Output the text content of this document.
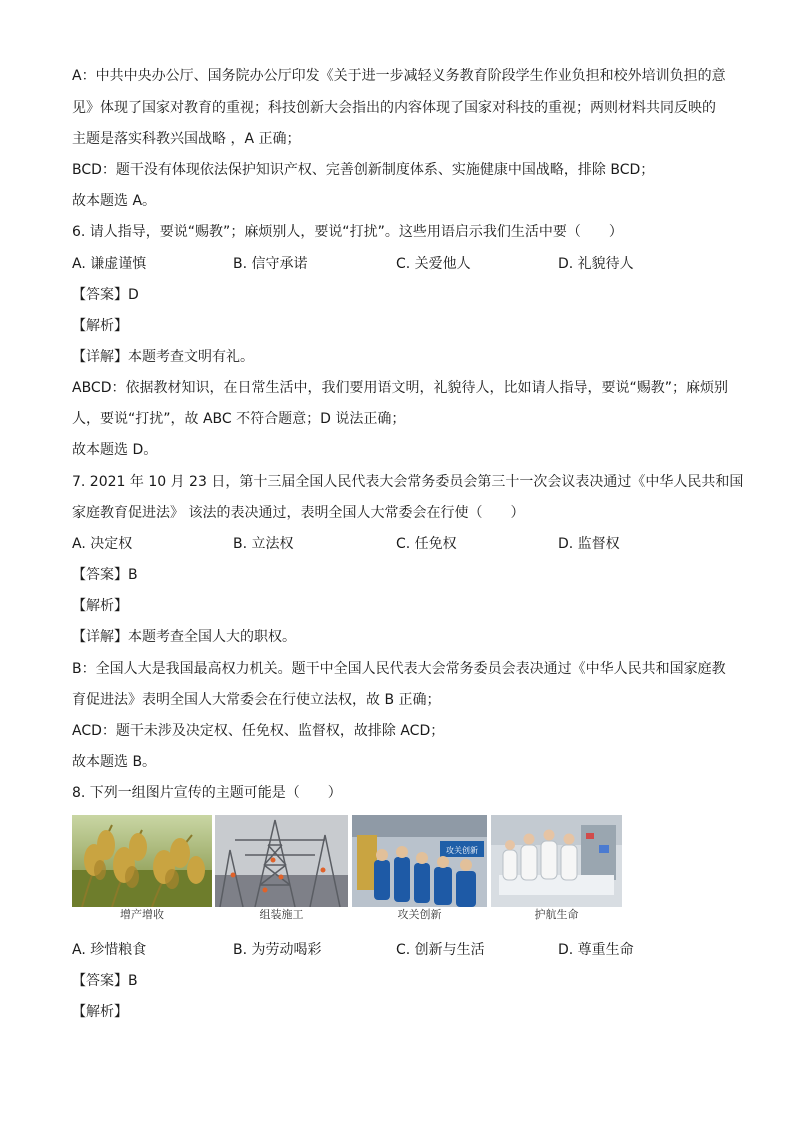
A：中共中央办公厅、国务院办公厅印发《关于进一步减轻义务教育阶段学生作业负担和校外培训负担的意
见》体现了国家对教育的重视；科技创新大会指出的内容体现了国家对科技的重视；两则材料共同反映的
主题是落实科教兴国战略 ，A 正确；
BCD：题干没有体现依法保护知识产权、完善创新制度体系、实施健康中国战略，排除 BCD；
故本题选 A。
6. 请人指导，要说“赐教”；麻烦别人，要说“打扰”。这些用语启示我们生活中要（　　）
A. 谦虚谨慎	B. 信守承诺	C. 关爱他人	D. 礼貌待人
【答案】D
【解析】
【详解】本题考查文明有礼。
ABCD：依据教材知识，在日常生活中，我们要用语文明，礼貌待人，比如请人指导，要说“赐教”；麻烦别
人，要说“打扰”，故 ABC 不符合题意；D 说法正确；
故本题选 D。
7. 2021 年 10 月 23 日，第十三届全国人民代表大会常务委员会第三十一次会议表决通过《中华人民共和国
家庭教育促进法》 该法的表决通过，表明全国人大常委会在行使（　　）
A. 决定权	B. 立法权	C. 任免权	D. 监督权
【答案】B
【解析】
【详解】本题考查全国人大的职权。
B：全国人大是我国最高权力机关。题干中全国人民代表大会常务委员会表决通过《中华人民共和国家庭教
育促进法》表明全国人大常委会在行使立法权，故 B 正确；
ACD：题干未涉及决定权、任免权、监督权，故排除 ACD；
故本题选 B。
8. 下列一组图片宣传的主题可能是（　　）
增产增收	组装施工
攻关创新
攻关创新	护航生命
A. 珍惜粮食	B. 为劳动喝彩	C. 创新与生活	D. 尊重生命
【答案】B
【解析】
